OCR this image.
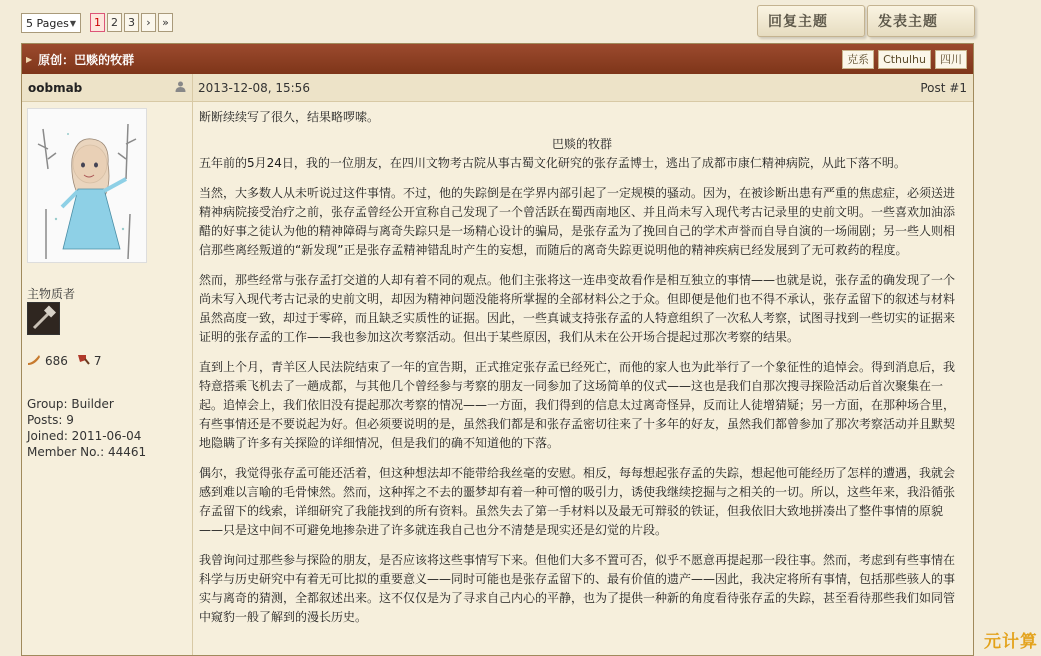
5 Pages ▼	1 2 3	›	»	回复主题	发表主题
▶ 原创：巴赕的牧群	克系	Cthulhu	四川
oobmab	2013-12-08, 15:56	Post #1
主物质者
686	7
Group: Builder
Posts: 9
Joined: 2011-06-04
Member No.: 44461

断断续续写了很久，结果略啰嗦。

巴赕的牧群

五年前的5月24日，我的一位朋友，在四川文物考古院从事古蜀文化研究的张存孟博士，逃出了成都市康仁精神病院，从此下落不明。

当然，大多数人从未听说过这件事情。不过，他的失踪倒是在学界内部引起了一定规模的骚动。因为，在被诊断出患有严重的焦虑症，必须送进精神病院接受治疗之前，张存孟曾经公开宣称自己发现了一个曾活跃在蜀西南地区、并且尚未写入现代考古记录里的史前文明。一些喜欢加油添醋的好事之徒认为他的精神障碍与离奇失踪只是一场精心设计的骗局，是张存孟为了挽回自己的学术声誉而自导自演的一场闹剧；另一些人则相信那些离经叛道的“新发现”正是张存孟精神错乱时产生的妄想，而随后的离奇失踪更说明他的精神疾病已经发展到了无可救药的程度。

然而，那些经常与张存孟打交道的人却有着不同的观点。他们主张将这一连串变故看作是相互独立的事情——也就是说，张存孟的确发现了一个尚未写入现代考古记录的史前文明，却因为精神问题没能将所掌握的全部材料公之于众。但即便是他们也不得不承认，张存孟留下的叙述与材料虽然高度一致，却过于零碎，而且缺乏实质性的证据。因此，一些真诚支持张存孟的人特意组织了一次私人考察，试图寻找到一些切实的证据来证明的张存孟的工作——我也参加这次考察活动。但出于某些原因，我们从未在公开场合提起过那次考察的结果。

直到上个月，青羊区人民法院结束了一年的宣告期，正式推定张存孟已经死亡，而他的家人也为此举行了一个象征性的追悼会。得到消息后，我特意搭乘飞机去了一趟成都，与其他几个曾经参与考察的朋友一同参加了这场简单的仪式——这也是我们自那次搜寻探险活动后首次聚集在一起。追悼会上，我们依旧没有提起那次考察的情况——一方面，我们得到的信息太过离奇怪异，反而让人徒增猜疑；另一方面，在那种场合里，有些事情还是不要说起为好。但必须要说明的是，虽然我们都是和张存孟密切往来了十多年的好友，虽然我们都曾参加了那次考察活动并且默契地隐瞒了许多有关探险的详细情况，但是我们的确不知道他的下落。

偶尔，我觉得张存孟可能还活着，但这种想法却不能带给我丝毫的安慰。相反，每每想起张存孟的失踪，想起他可能经历了怎样的遭遇，我就会感到难以言喻的毛骨悚然。然而，这种挥之不去的噩梦却有着一种可憎的吸引力，诱使我继续挖掘与之相关的一切。所以，这些年来，我沿循张存孟留下的线索，详细研究了我能找到的所有资料。虽然失去了第一手材料以及最无可辩驳的铁证，但我依旧大致地拼凑出了整件事情的原貌——只是这中间不可避免地掺杂进了许多就连我自己也分不清楚是现实还是幻觉的片段。

我曾询问过那些参与探险的朋友，是否应该将这些事情写下来。但他们大多不置可否，似乎不愿意再提起那一段往事。然而，考虑到有些事情在科学与历史研究中有着无可比拟的重要意义——同时可能也是张存孟留下的、最有价值的遗产——因此，我决定将所有事情，包括那些骇人的事实与离奇的猜测，全都叙述出来。这不仅仅是为了寻求自己内心的平静，也为了提供一种新的角度看待张存孟的失踪，甚至看待那些我们如同管中窥豹一般了解到的漫长历史。

元计算
